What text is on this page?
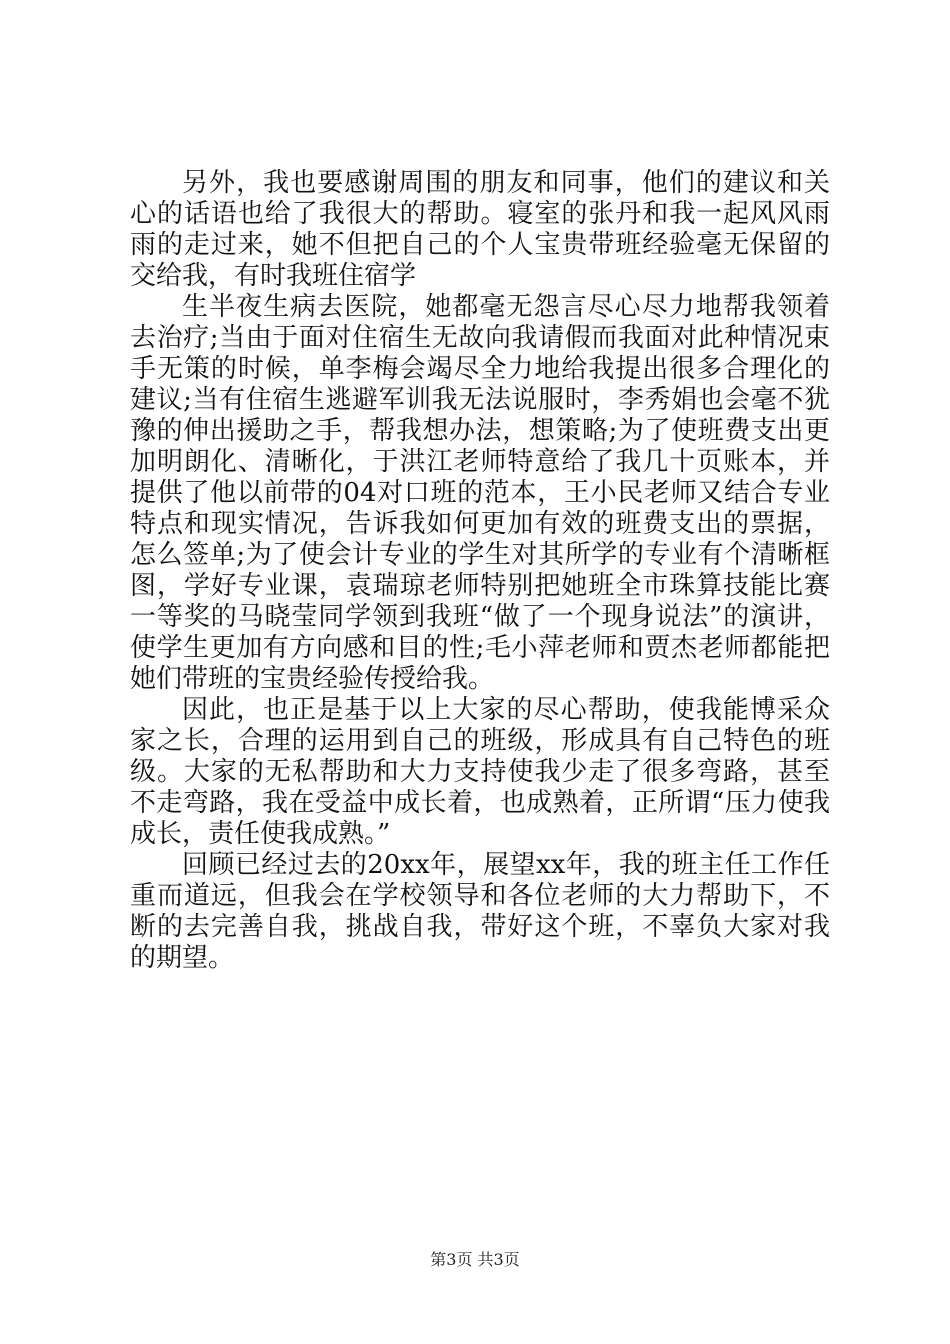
另外，我也要感谢周围的朋友和同事，他们的建议和关心的话语也给了我很大的帮助。寝室的张丹和我一起风风雨雨的走过来，她不但把自己的个人宝贵带班经验毫无保留的交给我，有时我班住宿学

生半夜生病去医院，她都毫无怨言尽心尽力地帮我领着去治疗;当由于面对住宿生无故向我请假而我面对此种情况束手无策的时候，单李梅会竭尽全力地给我提出很多合理化的建议;当有住宿生逃避军训我无法说服时，李秀娟也会毫不犹豫的伸出援助之手，帮我想办法，想策略;为了使班费支出更加明朗化、清晰化，于洪江老师特意给了我几十页账本，并提供了他以前带的04对口班的范本，王小民老师又结合专业特点和现实情况，告诉我如何更加有效的班费支出的票据，怎么签单;为了使会计专业的学生对其所学的专业有个清晰框图，学好专业课，袁瑞琼老师特别把她班全市珠算技能比赛一等奖的马晓莹同学领到我班“做了一个现身说法”的演讲，使学生更加有方向感和目的性;毛小萍老师和贾杰老师都能把她们带班的宝贵经验传授给我。

因此，也正是基于以上大家的尽心帮助，使我能博采众家之长，合理的运用到自己的班级，形成具有自己特色的班级。大家的无私帮助和大力支持使我少走了很多弯路，甚至不走弯路，我在受益中成长着，也成熟着，正所谓“压力使我成长，责任使我成熟。”

回顾已经过去的20xx年，展望xx年，我的班主任工作任重而道远，但我会在学校领导和各位老师的大力帮助下，不断的去完善自我，挑战自我，带好这个班，不辜负大家对我的期望。

第3页 共3页
